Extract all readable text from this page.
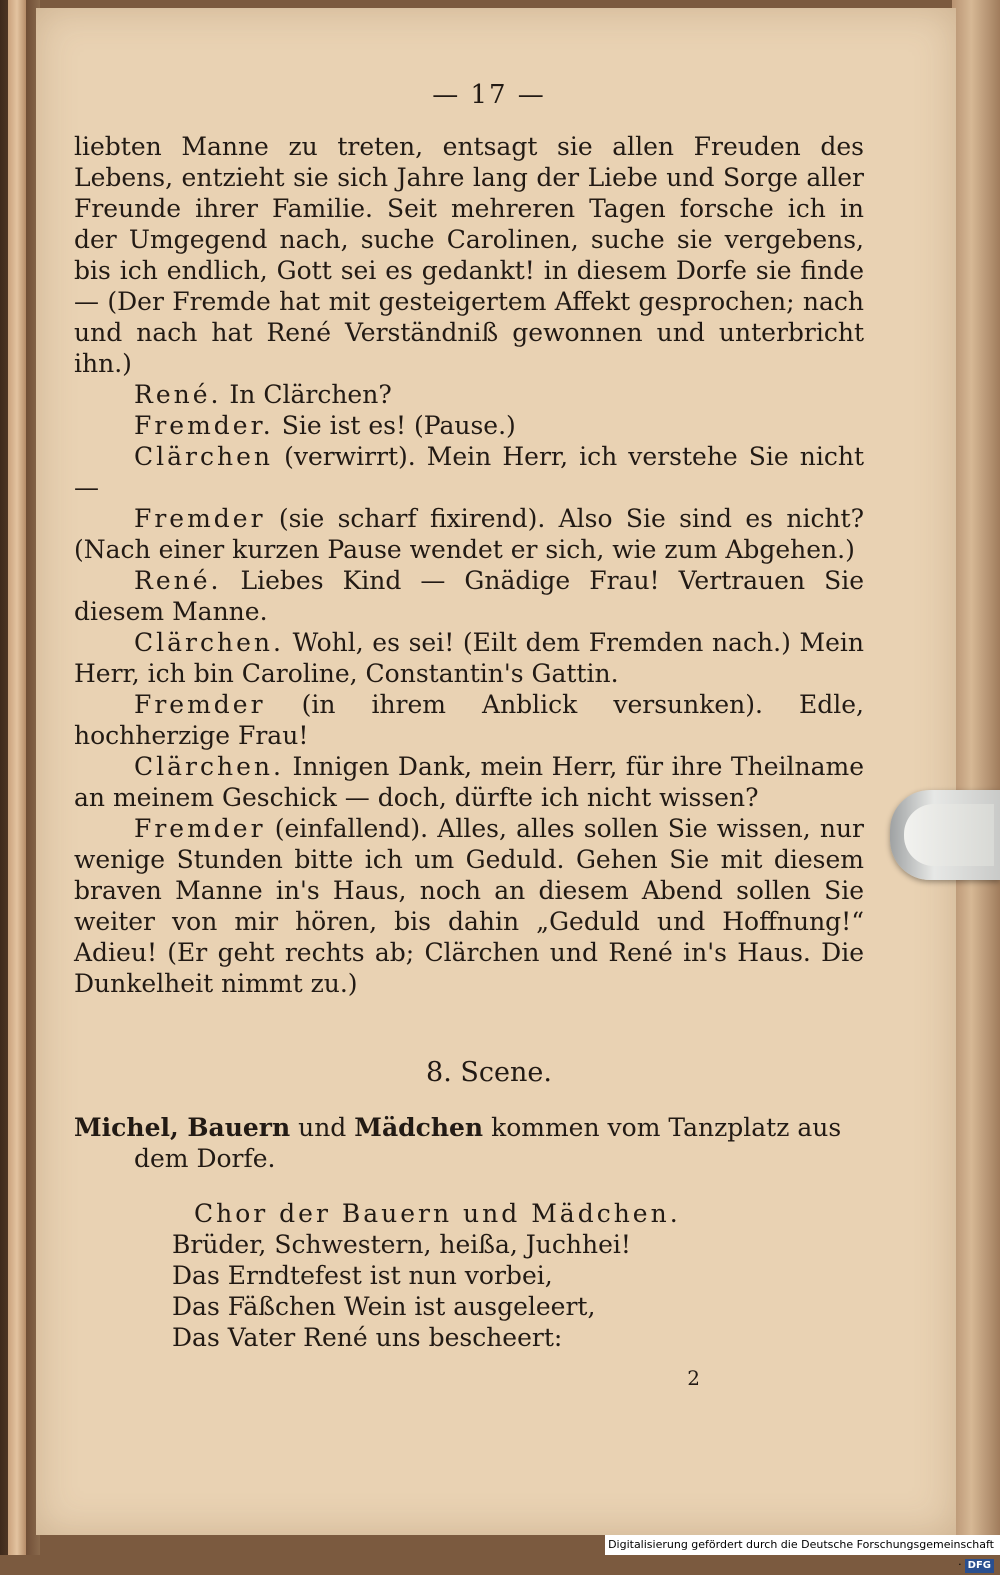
— 17 —
liebten Manne zu treten, entsagt sie allen Freuden des Lebens, entzieht sie sich Jahre lang der Liebe und Sorge aller Freunde ihrer Familie. Seit mehreren Tagen forsche ich in der Umgegend nach, suche Carolinen, suche sie vergebens, bis ich endlich, Gott sei es gedankt! in diesem Dorfe sie finde — (Der Fremde hat mit gesteigertem Affekt gesprochen; nach und nach hat René Verständniß gewonnen und unterbricht ihn.)
René. In Clärchen?
Fremder. Sie ist es! (Pause.)
Clärchen (verwirrt). Mein Herr, ich verstehe Sie nicht —
Fremder (sie scharf fixirend). Also Sie sind es nicht? (Nach einer kurzen Pause wendet er sich, wie zum Abgehen.)
René. Liebes Kind — Gnädige Frau! Vertrauen Sie diesem Manne.
Clärchen. Wohl, es sei! (Eilt dem Fremden nach.) Mein Herr, ich bin Caroline, Constantin's Gattin.
Fremder (in ihrem Anblick versunken). Edle, hochherzige Frau!
Clärchen. Innigen Dank, mein Herr, für ihre Theilname an meinem Geschick — doch, dürfte ich nicht wissen?
Fremder (einfallend). Alles, alles sollen Sie wissen, nur wenige Stunden bitte ich um Geduld. Gehen Sie mit diesem braven Manne in's Haus, noch an diesem Abend sollen Sie weiter von mir hören, bis dahin „Geduld und Hoffnung!“ Adieu! (Er geht rechts ab; Clärchen und René in's Haus. Die Dunkelheit nimmt zu.)
8. Scene.
Michel, Bauern und Mädchen kommen vom Tanzplatz aus dem Dorfe.
Chor der Bauern und Mädchen.
Brüder, Schwestern, heißa, Juchhei!
Das Erndtefest ist nun vorbei,
Das Fäßchen Wein ist ausgeleert,
Das Vater René uns bescheert:
2
Digitalisierung gefördert durch die Deutsche Forschungsgemeinschaft · DFG
